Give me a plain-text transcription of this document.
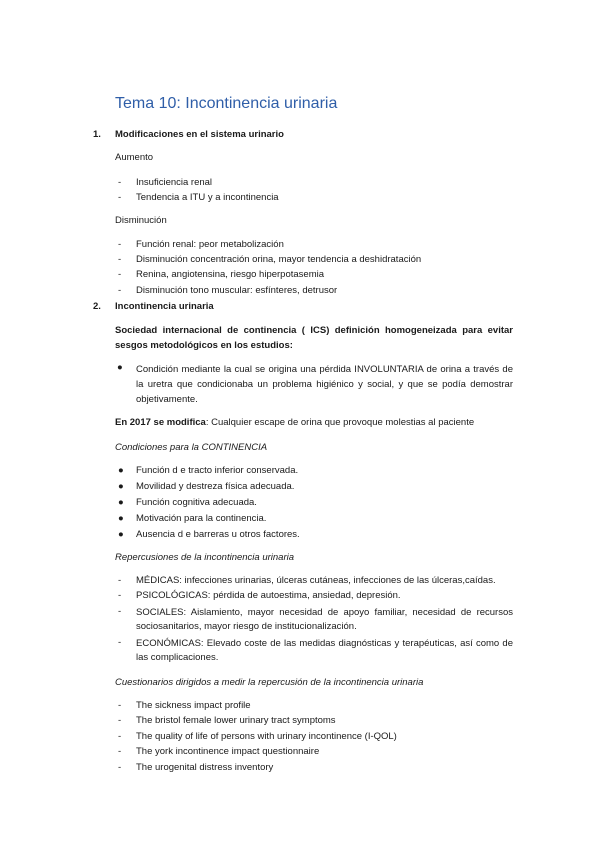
Tema 10: Incontinencia urinaria
1. Modificaciones en el sistema urinario
Aumento
-	Insuficiencia renal
-	Tendencia a ITU y a incontinencia
Disminución
-	Función renal: peor metabolización
-	Disminución concentración orina, mayor tendencia a deshidratación
-	Renina, angiotensina, riesgo hiperpotasemia
-	Disminución tono muscular: esfínteres, detrusor
2. Incontinencia urinaria
Sociedad internacional de continencia ( ICS) definición homogeneizada para evitar sesgos metodológicos en los estudios:
● Condición mediante la cual se origina una pérdida INVOLUNTARIA de orina a través de la uretra que condicionaba un problema higiénico y social, y que se podía demostrar objetivamente.
En 2017 se modifica: Cualquier escape de orina que provoque molestias al paciente
Condiciones para la CONTINENCIA
●	Función d e tracto inferior conservada.
●	Movilidad y destreza física adecuada.
●	Función cognitiva adecuada.
●	Motivación para la continencia.
●	Ausencia d e barreras u otros factores.
Repercusiones de la incontinencia urinaria
-	MÉDICAS: infecciones urinarias, úlceras cutáneas, infecciones de las úlceras,caídas.
-	PSICOLÓGICAS: pérdida de autoestima, ansiedad, depresión.
- SOCIALES: Aislamiento, mayor necesidad de apoyo familiar, necesidad de recursos sociosanitarios, mayor riesgo de institucionalización.
- ECONÓMICAS: Elevado coste de las medidas diagnósticas y terapéuticas, así como de las complicaciones.
Cuestionarios dirigidos a medir la repercusión de la incontinencia urinaria
-	The sickness impact profile
-	The bristol female lower urinary tract symptoms
-	The quality of life of persons with urinary incontinence (I-QOL)
-	The york incontinence impact questionnaire
-	The urogenital distress inventory
